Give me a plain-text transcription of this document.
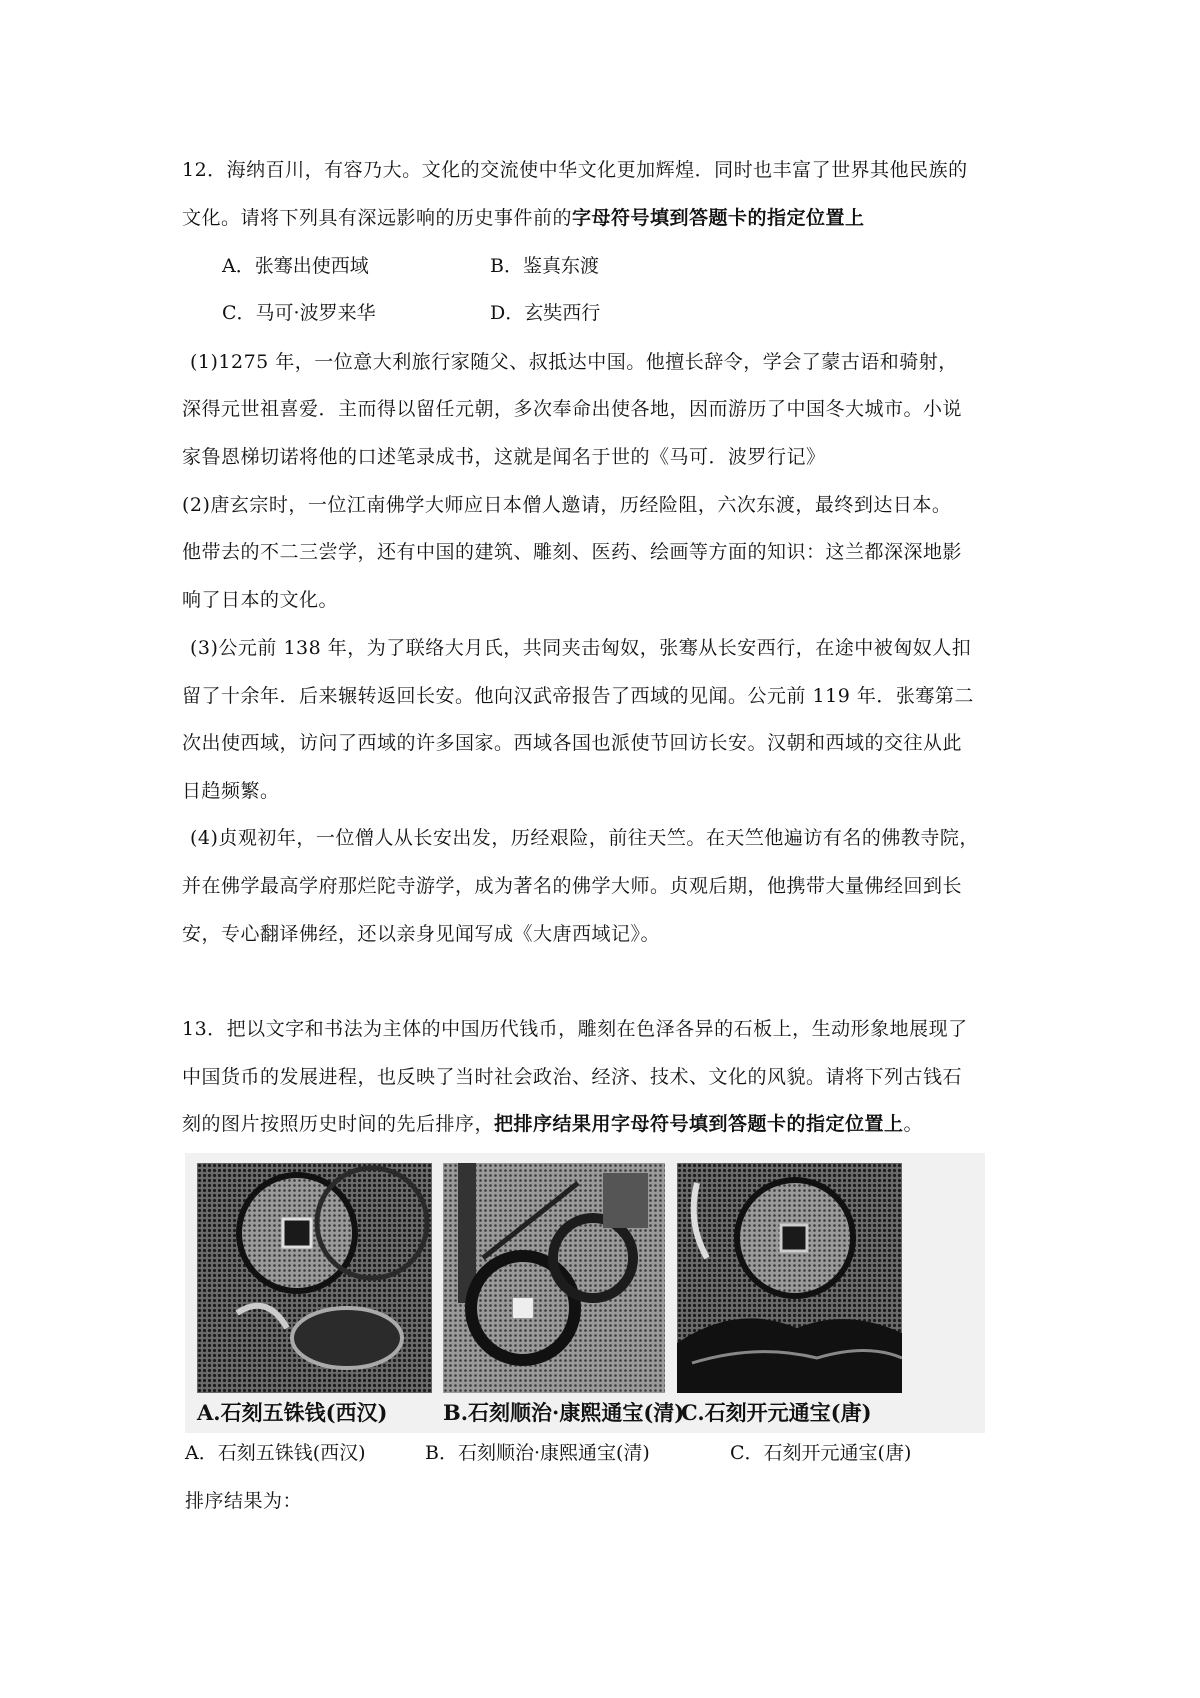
12．海纳百川，有容乃大。文化的交流使中华文化更加辉煌．同时也丰富了世界其他民族的
文化。请将下列具有深远影响的历史事件前的字母符号填到答题卡的指定位置上
A．张骞出使西域	B．鉴真东渡
C．马可·波罗来华	D．玄奘西行
(1)1275 年，一位意大利旅行家随父、叔抵达中国。他擅长辞令，学会了蒙古语和骑射，
深得元世祖喜爱．主而得以留任元朝，多次奉命出使各地，因而游历了中国冬大城市。小说
家鲁恩梯切诺将他的口述笔录成书，这就是闻名于世的《马可．波罗行记》
(2)唐玄宗时，一位江南佛学大师应日本僧人邀请，历经险阻，六次东渡，最终到达日本。
他带去的不二三尝学，还有中国的建筑、雕刻、医药、绘画等方面的知识：这兰都深深地影
响了日本的文化。
(3)公元前 138 年，为了联络大月氏，共同夹击匈奴，张骞从长安西行，在途中被匈奴人扣
留了十余年．后来辗转返回长安。他向汉武帝报告了西域的见闻。公元前 119 年．张骞第二
次出使西域，访问了西域的许多国家。西域各国也派使节回访长安。汉朝和西域的交往从此
日趋频繁。
(4)贞观初年，一位僧人从长安出发，历经艰险，前往天竺。在天竺他遍访有名的佛教寺院，
并在佛学最高学府那烂陀寺游学，成为著名的佛学大师。贞观后期，他携带大量佛经回到长
安，专心翻译佛经，还以亲身见闻写成《大唐西域记》。
13．把以文字和书法为主体的中国历代钱币，雕刻在色泽各异的石板上，生动形象地展现了
中国货币的发展进程，也反映了当时社会政治、经济、技术、文化的风貌。请将下列古钱石
刻的图片按照历史时间的先后排序，把排序结果用字母符号填到答题卡的指定位置上。
A.石刻五铢钱(西汉)	B.石刻顺治·康熙通宝(清)
C.石刻开元通宝(唐)
A．石刻五铢钱(西汉)	B．石刻顺治·康熙通宝(清)	C．石刻开元通宝(唐)
排序结果为：
